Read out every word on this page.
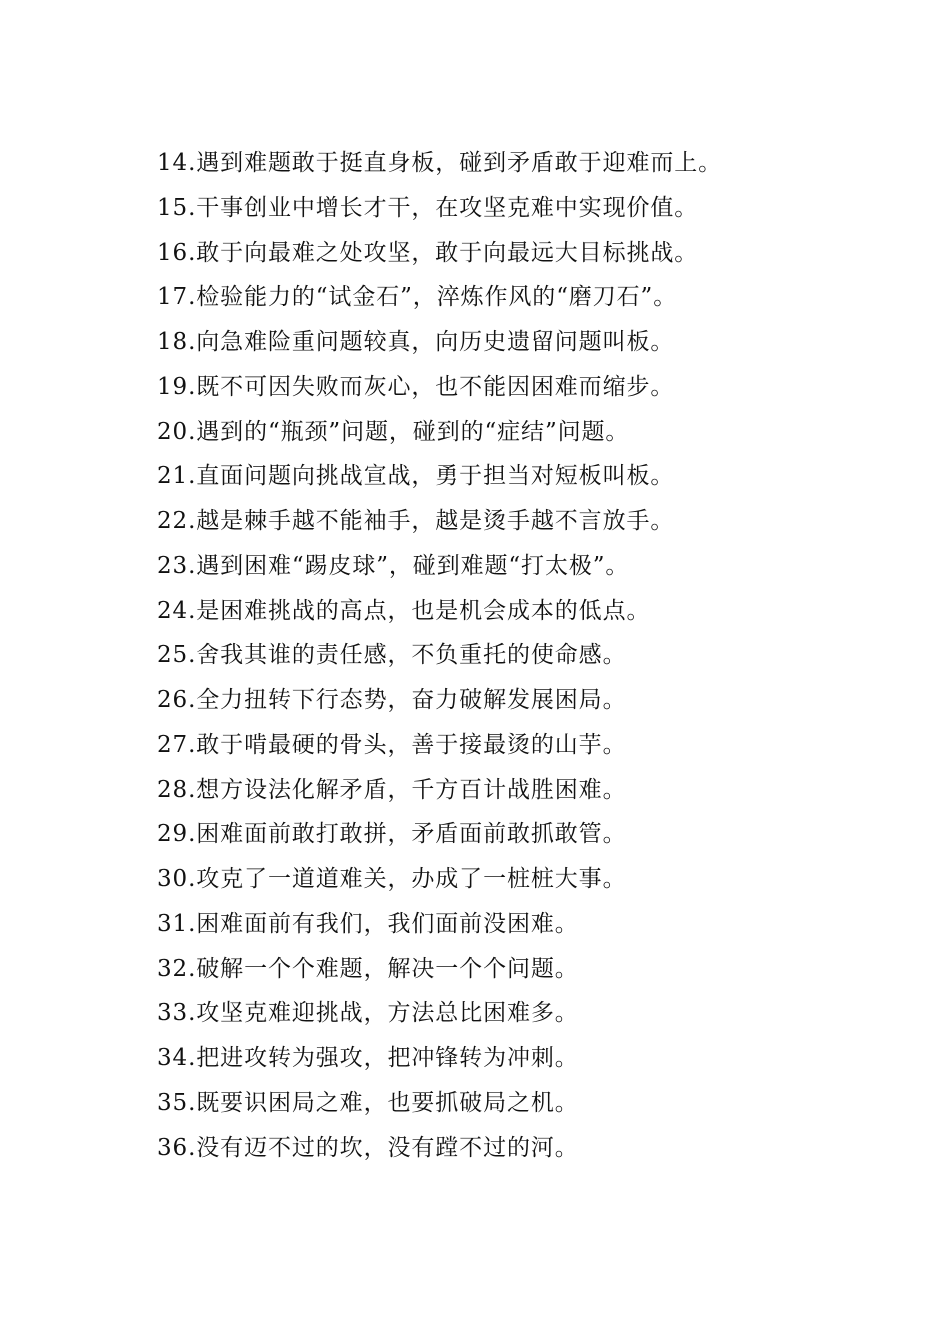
14.遇到难题敢于挺直身板，碰到矛盾敢于迎难而上。
15.干事创业中增长才干，在攻坚克难中实现价值。
16.敢于向最难之处攻坚，敢于向最远大目标挑战。
17.检验能力的“试金石”，淬炼作风的“磨刀石”。
18.向急难险重问题较真，向历史遗留问题叫板。
19.既不可因失败而灰心，也不能因困难而缩步。
20.遇到的“瓶颈”问题，碰到的“症结”问题。
21.直面问题向挑战宣战，勇于担当对短板叫板。
22.越是棘手越不能袖手，越是烫手越不言放手。
23.遇到困难“踢皮球”，碰到难题“打太极”。
24.是困难挑战的高点，也是机会成本的低点。
25.舍我其谁的责任感，不负重托的使命感。
26.全力扭转下行态势，奋力破解发展困局。
27.敢于啃最硬的骨头，善于接最烫的山芋。
28.想方设法化解矛盾，千方百计战胜困难。
29.困难面前敢打敢拼，矛盾面前敢抓敢管。
30.攻克了一道道难关，办成了一桩桩大事。
31.困难面前有我们，我们面前没困难。
32.破解一个个难题，解决一个个问题。
33.攻坚克难迎挑战，方法总比困难多。
34.把进攻转为强攻，把冲锋转为冲刺。
35.既要识困局之难，也要抓破局之机。
36.没有迈不过的坎，没有蹚不过的河。
